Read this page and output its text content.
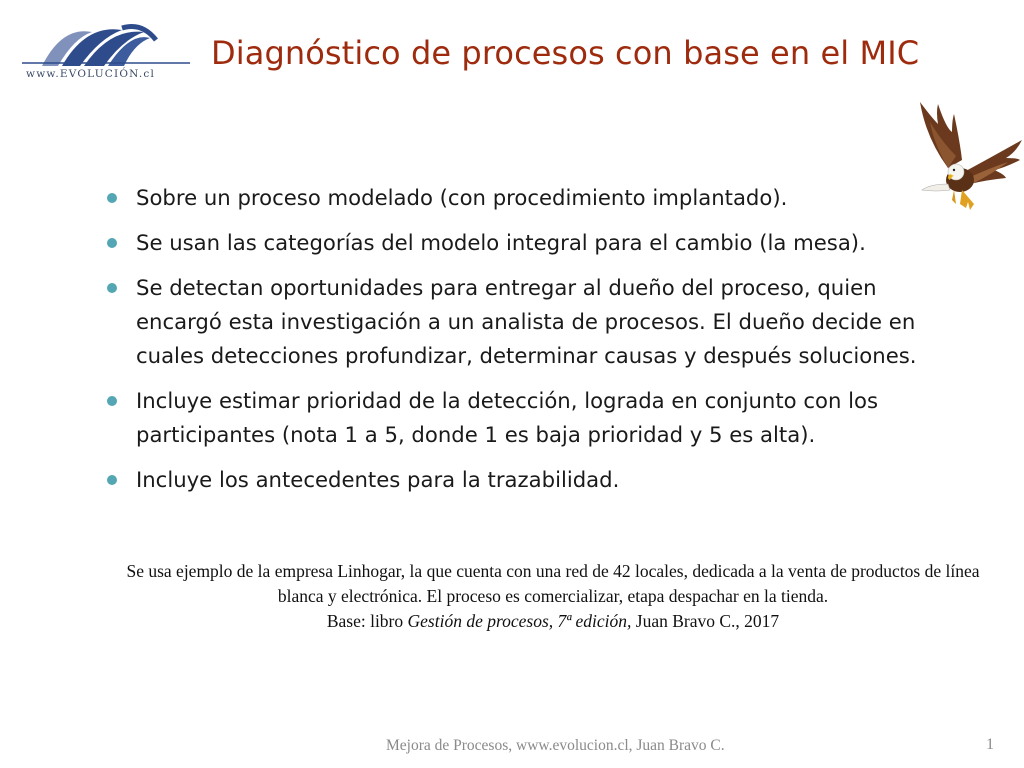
www.EVOLUCIÓN.cl
Diagnóstico de procesos con base en el MIC
Sobre un proceso modelado (con procedimiento implantado).
Se usan las categorías del modelo integral para el cambio (la mesa).
Se detectan oportunidades para entregar al dueño del proceso, quien encargó esta investigación a un analista de procesos. El dueño decide en cuales detecciones profundizar, determinar causas y después soluciones.
Incluye estimar prioridad de la detección, lograda en conjunto con los participantes (nota 1 a 5, donde 1 es baja prioridad y 5 es alta).
Incluye los antecedentes para la trazabilidad.

Se usa ejemplo de la empresa Linhogar, la que cuenta con una red de 42 locales, dedicada a la venta de productos de línea blanca y electrónica. El proceso es comercializar, etapa despachar en la tienda.

Base: libro Gestión de procesos, 7ª edición, Juan Bravo C., 2017

Mejora de Procesos, www.evolucion.cl, Juan Bravo C.	1
